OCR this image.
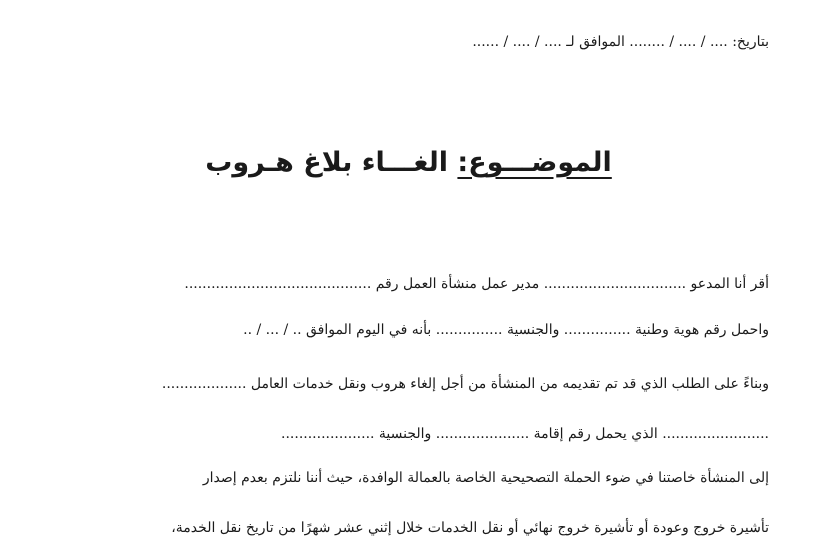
بتاريخ: .... / .... / ........ الموافق لـ .... / .... / ......
الموضـــوع: الغـــاء بلاغ هـروب
أقر أنا المدعو ................................ مدير عمل منشأة العمل رقم ..........................................
واحمل رقم هوية وطنية ............... والجنسية ............... بأنه في اليوم الموافق .. / ... / ..
وبناءً على الطلب الذي قد تم تقديمه من المنشأة من أجل إلغاء هروب ونقل خدمات العامل ...................
........................ الذي يحمل رقم إقامة ..................... والجنسية .....................
إلى المنشأة خاصتنا في ضوء الحملة التصحيحية الخاصة بالعمالة الوافدة، حيث أننا نلتزم بعدم إصدار
تأشيرة خروج وعودة أو تأشيرة خروج نهائي أو نقل الخدمات خلال إثني عشر شهرًا من تاريخ نقل الخدمة،
